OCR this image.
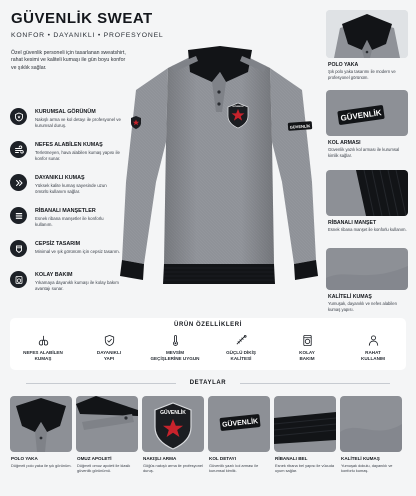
GÜVENLİK SWEAT
KONFOR • DAYANIKLI • PROFESYONEL
Özel güvenlik personeli için tasarlanan sweatshirt, rahat kesimi ve kaliteli kumaşı ile gün boyu konfor ve şıklık sağlar.
KURUMSAL GÖRÜNÜM
Nakışlı arma ve kol detayı ile profesyonel ve kurumsal duruş.
NEFES ALABİLEN KUMAŞ
Terletmeyen, hava alabilen kumaş yapısı ile konfor sunar.
DAYANIKLI KUMAŞ
Yüksek kalite kumaş sayesinde uzun ömürlü kullanım sağlar.
RİBANALI MANŞETLER
Esnek ribana manşetler ile konforlu kullanım.
CEPSİZ TASARIM
Minimal ve şık görünüm için cepsiz tasarım.
KOLAY BAKIM
Yıkamaya dayanıklı kumaşı ile kolay bakım avantajı sunar.
GÜVENLİK
GÜVENLİK
POLO YAKA
Şık polo yaka tasarımı ile modern ve profesyonel görünüm.
GÜVENLİK
KOL ARMASI
Güvenlik yazılı kol arması ile kurumsal kimlik sağlar.
RİBANALI MANŞET
Esnek ribana manşet ile konforlu kullanım.
KALİTELİ KUMAŞ
Yumuşak, dayanıklı ve nefes alabilen kumaş yapısı.
ÜRÜN ÖZELLİKLERİ
NEFES ALABİLEN
KUMAŞ
DAYANIKLI
YAPI
MEVSİM
GEÇİŞLERİNE UYGUN
GÜÇLÜ DİKİŞ
KALİTESİ
KOLAY
BAKIM
RAHAT
KULLANIM
DETAYLAR
POLO YAKA
Düğmeli polo yaka ile şık görünüm.
OMUZ APOLETİ
Düğmeli omuz apoleti ile klasik güvenlik görünümü.
GÜVENLİK
NAKIŞLI ARMA
Göğüs nakışlı arma ile profesyonel duruş.
GÜVENLİK
KOL DETAYI
Güvenlik yazılı kol arması ile kurumsal kimlik.
RİBANALI BEL
Esnek ribana bel yapısı ile vücuda uyum sağlar.
KALİTELİ KUMAŞ
Yumuşak dokulu, dayanıklı ve konforlu kumaş.
